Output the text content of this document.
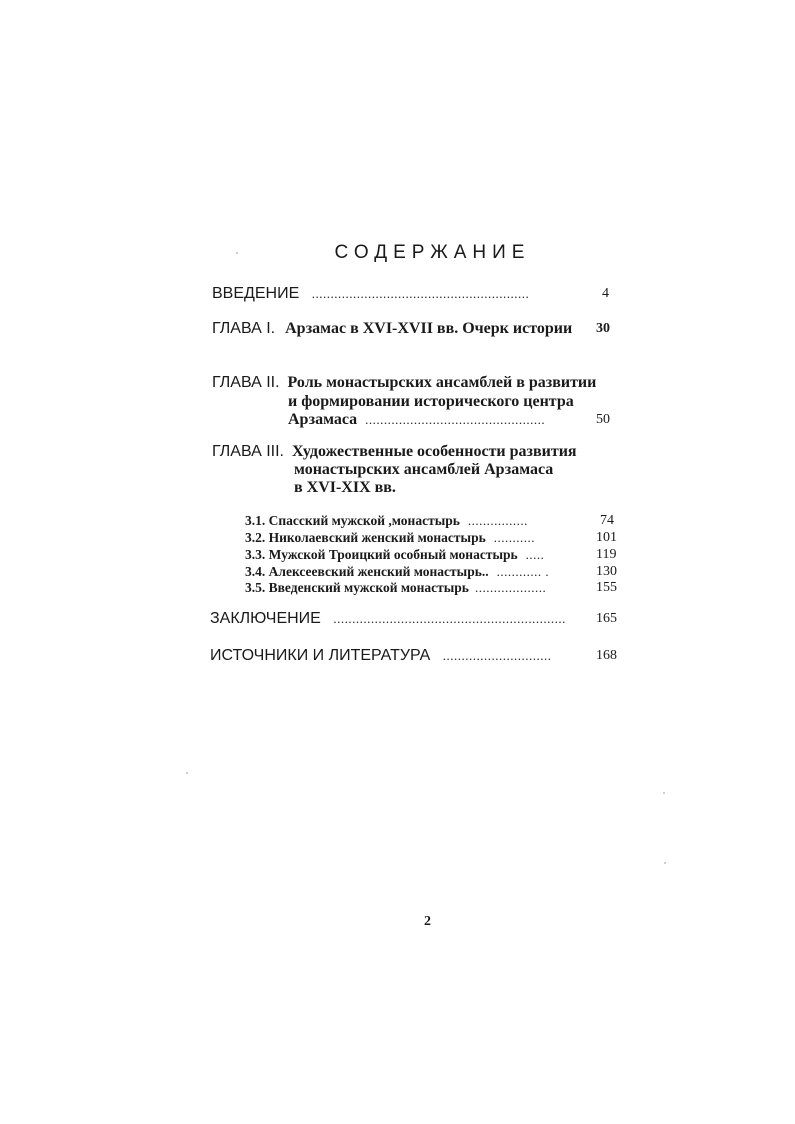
СОДЕРЖАНИЕ
ВВЕДЕНИЕ ..........................................................	4
ГЛАВА I. Арзамас в XVI-XVII вв. Очерк истории 30
ГЛАВА II. Роль монастырских ансамблей в развитии
и формировании исторического центра
Арзамаса ................................................	50
ГЛАВА III. Художественные особенности развития
монастырских ансамблей Арзамаса
в XVI-XIX вв.
3.1. Спасский мужской ,монастырь ................	74
3.2. Николаевский женский монастырь ...........	101
3.3. Мужской Троицкий особный монастырь .....	119
3.4. Алексеевский женский монастырь.. ............ .	130
3.5. Введенский мужской монастырь ...................	155
ЗАКЛЮЧЕНИЕ .............................................................. 165
ИСТОЧНИКИ И ЛИТЕРАТУРА .............................	168
2
